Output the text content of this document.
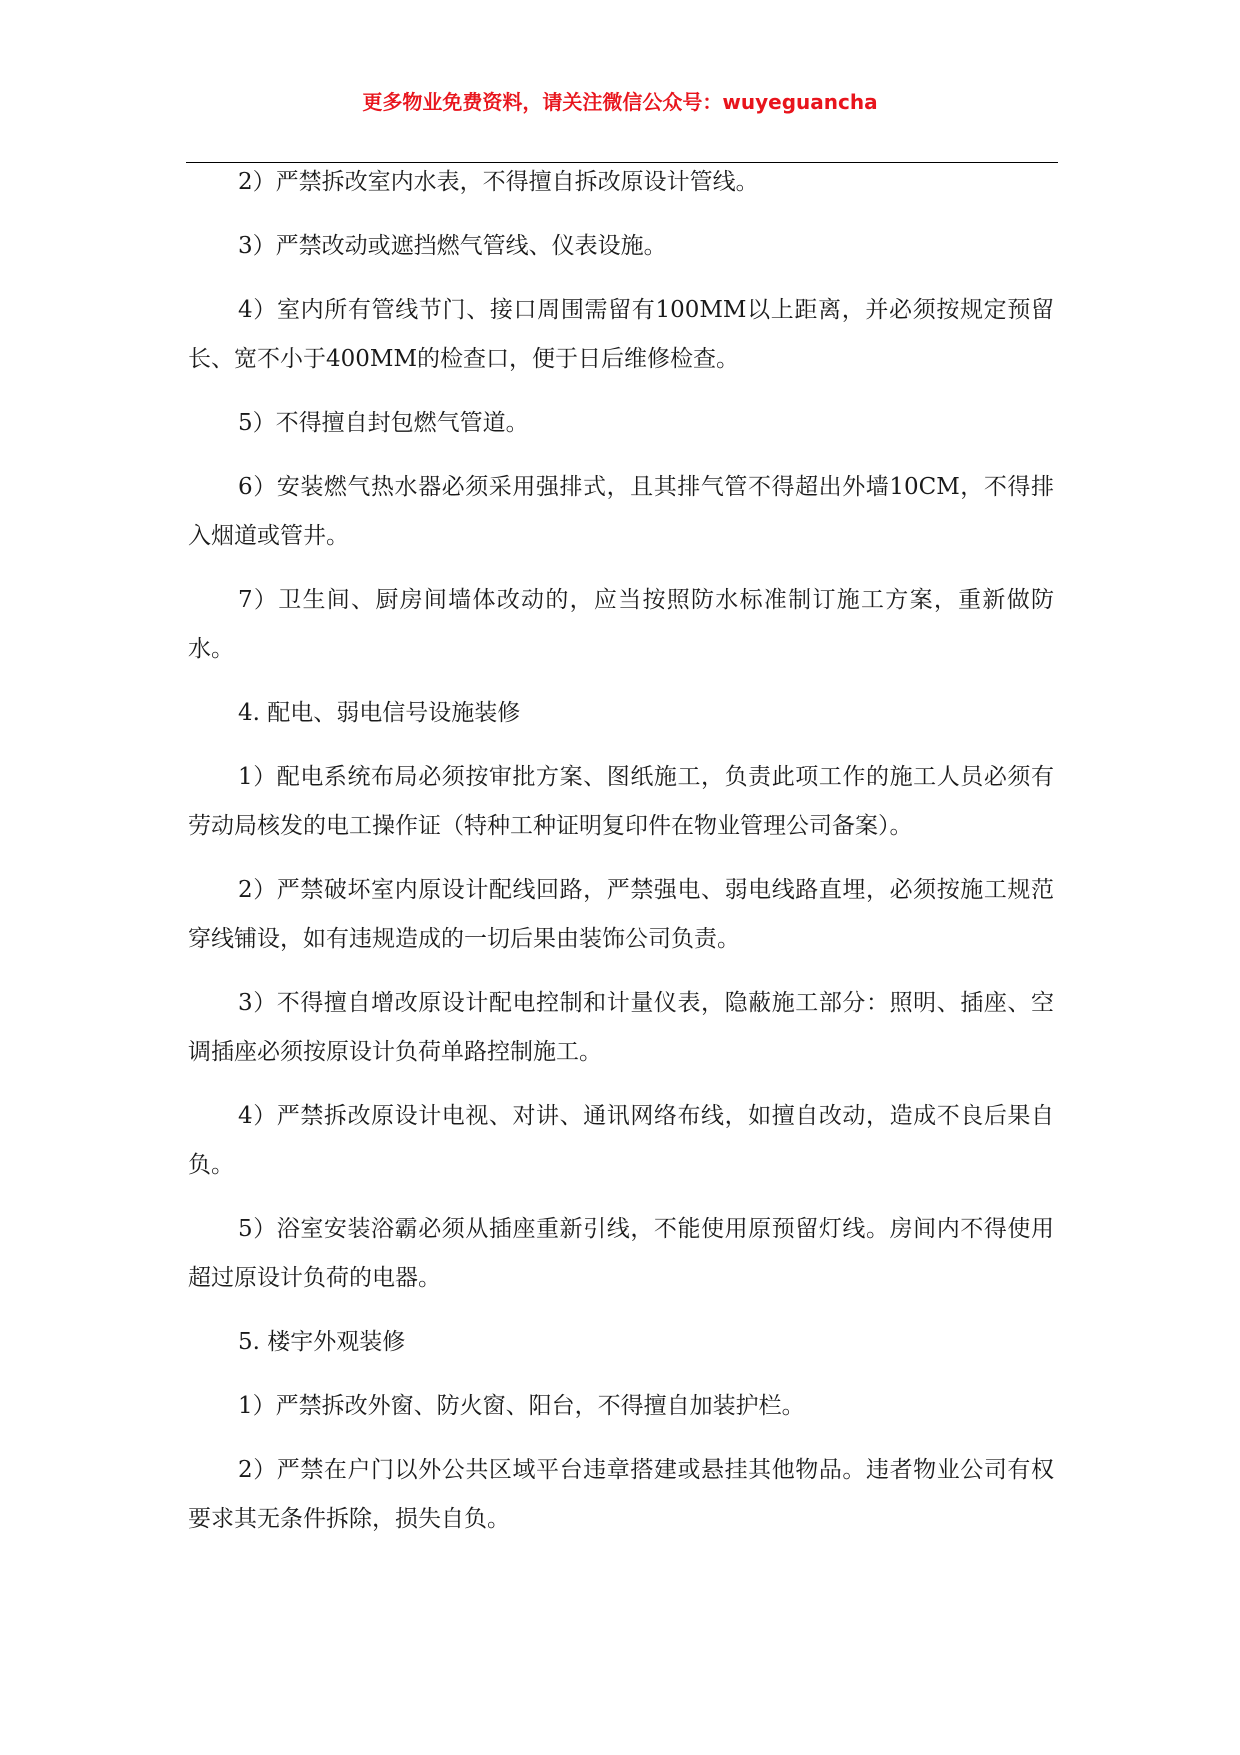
更多物业免费资料，请关注微信公众号：wuyeguancha

2）严禁拆改室内水表，不得擅自拆改原设计管线。

3）严禁改动或遮挡燃气管线、仪表设施。

4）室内所有管线节门、接口周围需留有100MM以上距离，并必须按规定预留长、宽不小于400MM的检查口，便于日后维修检查。

5）不得擅自封包燃气管道。

6）安装燃气热水器必须采用强排式，且其排气管不得超出外墙10CM，不得排入烟道或管井。

7）卫生间、厨房间墙体改动的，应当按照防水标准制订施工方案，重新做防水。

4. 配电、弱电信号设施装修

1）配电系统布局必须按审批方案、图纸施工，负责此项工作的施工人员必须有劳动局核发的电工操作证（特种工种证明复印件在物业管理公司备案）。

2）严禁破坏室内原设计配线回路，严禁强电、弱电线路直埋，必须按施工规范穿线铺设，如有违规造成的一切后果由装饰公司负责。

3）不得擅自增改原设计配电控制和计量仪表，隐蔽施工部分：照明、插座、空调插座必须按原设计负荷单路控制施工。

4）严禁拆改原设计电视、对讲、通讯网络布线，如擅自改动，造成不良后果自负。

5）浴室安装浴霸必须从插座重新引线，不能使用原预留灯线。房间内不得使用超过原设计负荷的电器。

5. 楼宇外观装修

1）严禁拆改外窗、防火窗、阳台，不得擅自加装护栏。

2）严禁在户门以外公共区域平台违章搭建或悬挂其他物品。违者物业公司有权要求其无条件拆除，损失自负。
